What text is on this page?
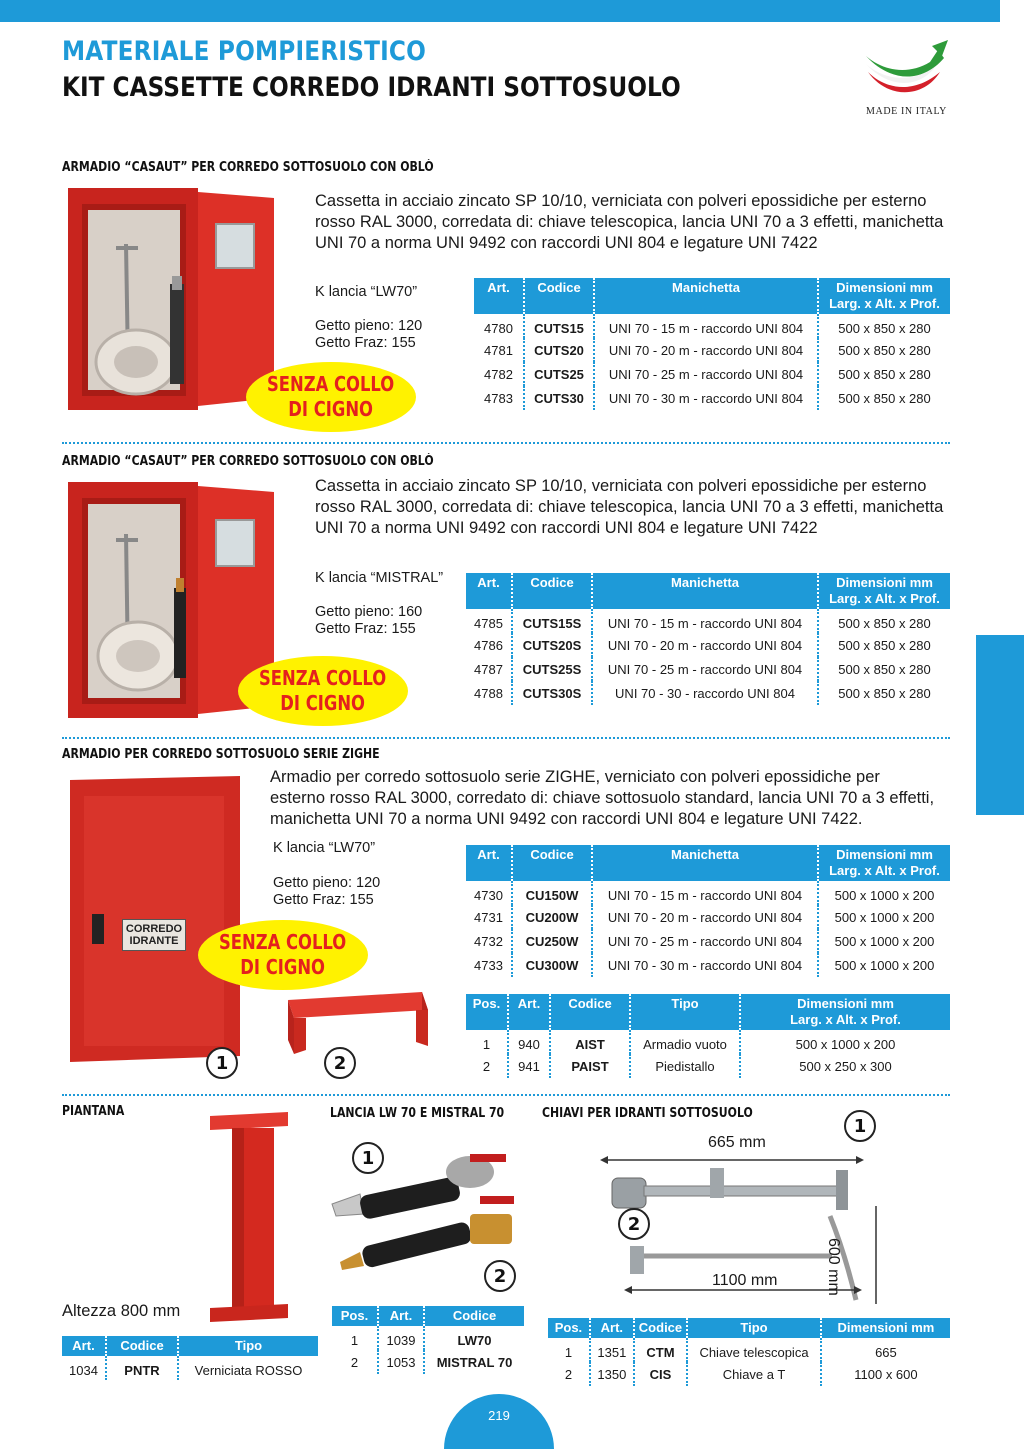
MATERIALE POMPIERISTICO
KIT CASSETTE CORREDO IDRANTI SOTTOSUOLO
MADE IN ITALY
ARMADIO “CASAUT” PER CORREDO SOTTOSUOLO CON OBLÒ
SENZA COLLO
DI CIGNO
Cassetta in acciaio zincato SP 10/10, verniciata con polveri epossidiche per esterno
rosso RAL 3000, corredata di: chiave telescopica, lancia UNI 70 a 3 effetti, manichetta
UNI 70 a norma UNI 9492 con raccordi UNI 804 e legature UNI 7422
K lancia “LW70”
Getto pieno: 120
Getto Fraz: 155
Art.	Codice	Manichetta	Dimensioni mm
Larg. x Alt. x Prof.
4780	CUTS15	UNI 70 - 15 m - raccordo UNI 804	500 x 850 x 280
4781	CUTS20	UNI 70 - 20 m - raccordo UNI 804	500 x 850 x 280
4782	CUTS25	UNI 70 - 25 m - raccordo UNI 804	500 x 850 x 280
4783	CUTS30	UNI 70 - 30 m - raccordo UNI 804	500 x 850 x 280
ARMADIO “CASAUT” PER CORREDO SOTTOSUOLO CON OBLÒ
SENZA COLLO
DI CIGNO
Cassetta in acciaio zincato SP 10/10, verniciata con polveri epossidiche per esterno
rosso RAL 3000, corredata di: chiave telescopica, lancia UNI 70 a 3 effetti, manichetta
UNI 70 a norma UNI 9492 con raccordi UNI 804 e legature UNI 7422
K lancia “MISTRAL”
Getto pieno: 160
Getto Fraz: 155
Art.	Codice	Manichetta	Dimensioni mm
Larg. x Alt. x Prof.
4785	CUTS15S	UNI 70 - 15 m - raccordo UNI 804	500 x 850 x 280
4786	CUTS20S	UNI 70 - 20 m - raccordo UNI 804	500 x 850 x 280
4787	CUTS25S	UNI 70 - 25 m - raccordo UNI 804	500 x 850 x 280
4788	CUTS30S	UNI 70 - 30 - raccordo UNI 804	500 x 850 x 280
ARMADIO PER CORREDO SOTTOSUOLO SERIE ZIGHE
CORREDO
IDRANTE SENZA COLLO
DI CIGNO
1	2
Armadio per corredo sottosuolo serie ZIGHE, verniciato con polveri epossidiche per
esterno rosso RAL 3000, corredato di: chiave sottosuolo standard, lancia UNI 70 a 3 effetti,
manichetta UNI 70 a norma UNI 9492 con raccordi UNI 804 e legature UNI 7422.
K lancia “LW70”
Getto pieno: 120
Getto Fraz: 155
Art.	Codice	Manichetta	Dimensioni mm
Larg. x Alt. x Prof.
4730	CU150W	UNI 70 - 15 m - raccordo UNI 804	500 x 1000 x 200
4731	CU200W	UNI 70 - 20 m - raccordo UNI 804	500 x 1000 x 200
4732	CU250W	UNI 70 - 25 m - raccordo UNI 804	500 x 1000 x 200
4733	CU300W	UNI 70 - 30 m - raccordo UNI 804	500 x 1000 x 200
Pos.	Art.	Codice	Tipo	Dimensioni mm
Larg. x Alt. x Prof.
1	940	AIST	Armadio vuoto	500 x 1000 x 200
2	941	PAIST	Piedistallo	500 x 250 x 300
PIANTANA
Altezza 800 mm
Art.	Codice	Tipo
1034	PNTR	Verniciata ROSSO
LANCIA LW 70 E MISTRAL 70
1
2
Pos.	Art.	Codice
1	1039	LW70
2	1053	MISTRAL 70
CHIAVI PER IDRANTI SOTTOSUOLO
1
665 mm
2
1100 mm	600 mm
Pos.	Art.	Codice	Tipo	Dimensioni mm
1	1351	CTM	Chiave telescopica	665
2	1350	CIS	Chiave a T	1100 x 600
219
